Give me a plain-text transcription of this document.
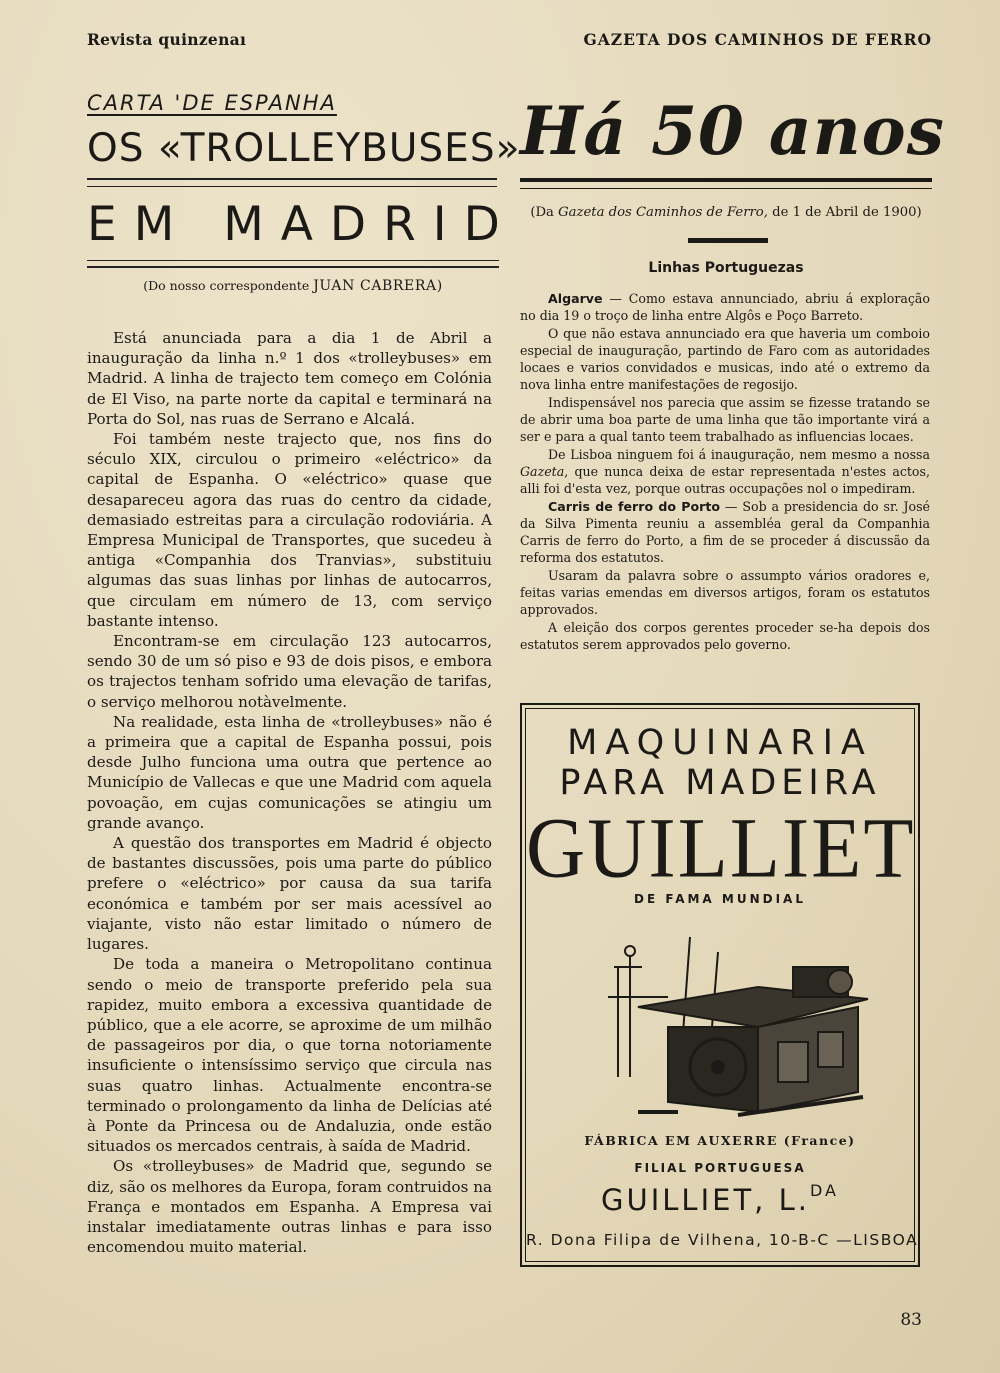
Revista quinzenaı	GAZETA DOS CAMINHOS DE FERRO
CARTA 'DE ESPANHA
OS «TROLLEYBUSES»
EM MADRID
(Do nosso correspondente JUAN CABRERA)

Está anunciada para a dia 1 de Abril a inauguração da linha n.º 1 dos «trolleybuses» em Madrid. A linha de trajecto tem começo em Colónia de El Viso, na parte norte da capital e terminará na Porta do Sol, nas ruas de Serrano e Alcalá.

Foi também neste trajecto que, nos fins do século XIX, circulou o primeiro «eléctrico» da capital de Espanha. O «eléctrico» quase que desapareceu agora das ruas do centro da cidade, demasiado estreitas para a circulação rodoviária. A Empresa Municipal de Transportes, que sucedeu à antiga «Companhia dos Tranvias», substituiu algumas das suas linhas por linhas de autocarros, que circulam em número de 13, com serviço bastante intenso.

Encontram-se em circulação 123 autocarros, sendo 30 de um só piso e 93 de dois pisos, e embora os trajectos tenham sofrido uma elevação de tarifas, o serviço melhorou notàvelmente.

Na realidade, esta linha de «trolleybuses» não é a primeira que a capital de Espanha possui, pois desde Julho funciona uma outra que pertence ao Município de Vallecas e que une Madrid com aquela povoação, em cujas comunicações se atingiu um grande avanço.

A questão dos transportes em Madrid é objecto de bastantes discussões, pois uma parte do público prefere o «eléctrico» por causa da sua tarifa económica e também por ser mais acessível ao viajante, visto não estar limitado o número de lugares.

De toda a maneira o Metropolitano continua sendo o meio de transporte preferido pela sua rapidez, muito embora a excessiva quantidade de público, que a ele acorre, se aproxime de um milhão de passageiros por dia, o que torna notoriamente insuficiente o intensíssimo serviço que circula nas suas quatro linhas. Actualmente encontra-se terminado o prolongamento da linha de Delícias até à Ponte da Princesa ou de Andaluzia, onde estão situados os mercados centrais, à saída de Madrid.

Os «trolleybuses» de Madrid que, segundo se diz, são os melhores da Europa, foram contruidos na França e montados em Espanha. A Empresa vai instalar imediatamente outras linhas e para isso encomendou muito material.

Há 50 anos
(Da Gazeta dos Caminhos de Ferro, de 1 de Abril de 1900)
Linhas Portuguezas

Algarve — Como estava annunciado, abriu á exploração no dia 19 o troço de linha entre Algôs e Poço Barreto.

O que não estava annunciado era que haveria um comboio especial de inauguração, partindo de Faro com as autoridades locaes e varios convidados e musicas, indo até o extremo da nova linha entre manifestações de regosijo.

Indispensável nos parecia que assim se fizesse tratando se de abrir uma boa parte de uma linha que tão importante virá a ser e para a qual tanto teem trabalhado as influencias locaes.

De Lisboa ninguem foi á inauguração, nem mesmo a nossa Gazeta, que nunca deixa de estar representada n'estes actos, alli foi d'esta vez, porque outras occupações nol o impediram.

Carris de ferro do Porto — Sob a presidencia do sr. José da Silva Pimenta reuniu a assembléa geral da Companhia Carris de ferro do Porto, a fim de se proceder á discussão da reforma dos estatutos.

Usaram da palavra sobre o assumpto vários oradores e, feitas varias emendas em diversos artigos, foram os estatutos approvados.

A eleição dos corpos gerentes proceder se-ha depois dos estatutos serem approvados pelo governo.

MAQUINARIA
PARA MADEIRA
GUILLIET
DE FAMA MUNDIAL
FÁBRICA EM AUXERRE (France)
FILIAL PORTUGUESA
GUILLIET, L.$^{DA}$
R. Dona Filipa de Vilhena, 10-B-C —LISBOA
83
